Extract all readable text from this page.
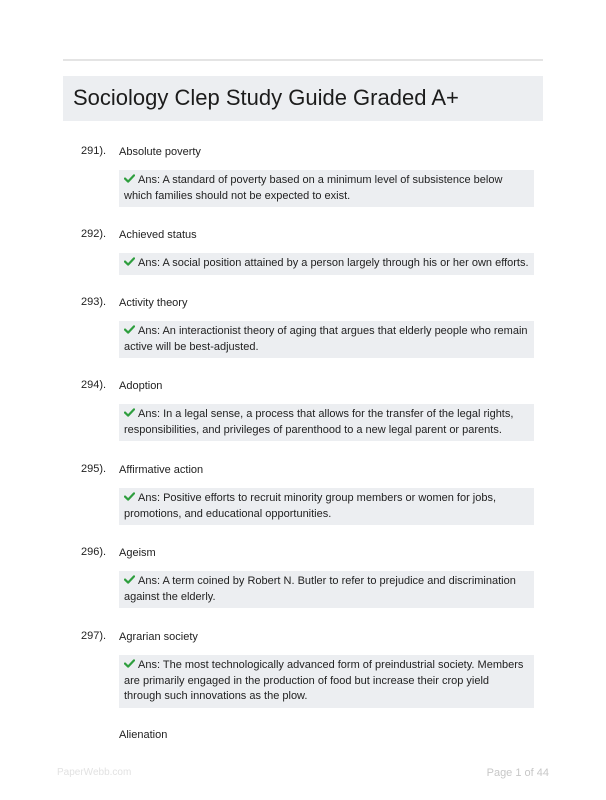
Sociology Clep Study Guide Graded A+
291). Absolute poverty
Ans: A standard of poverty based on a minimum level of subsistence below which families should not be expected to exist.
292). Achieved status
Ans: A social position attained by a person largely through his or her own efforts.
293). Activity theory
Ans: An interactionist theory of aging that argues that elderly people who remain active will be best-adjusted.
294). Adoption
Ans: In a legal sense, a process that allows for the transfer of the legal rights, responsibilities, and privileges of parenthood to a new legal parent or parents.
295). Affirmative action
Ans: Positive efforts to recruit minority group members or women for jobs, promotions, and educational opportunities.
296). Ageism
Ans: A term coined by Robert N. Butler to refer to prejudice and discrimination against the elderly.
297). Agrarian society
Ans: The most technologically advanced form of preindustrial society. Members are primarily engaged in the production of food but increase their crop yield through such innovations as the plow.
Alienation
PaperWebb.com	Page 1 of 44
